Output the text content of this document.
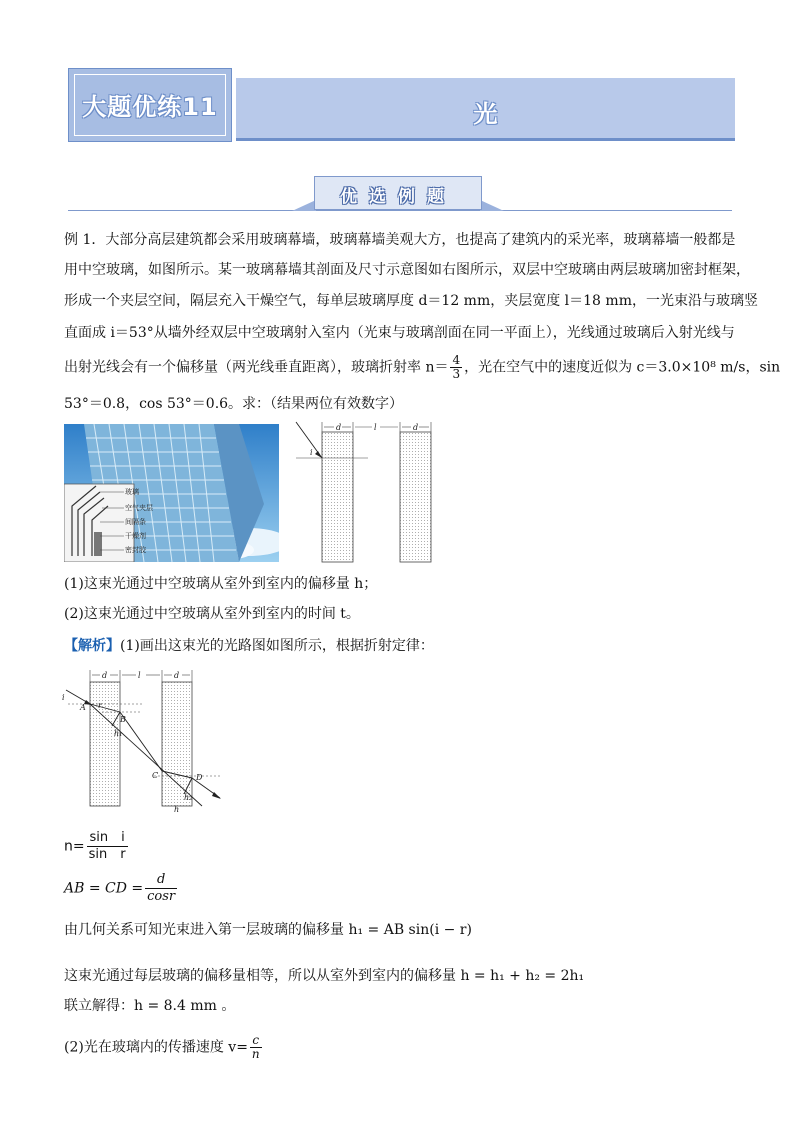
大题优练11	光
优选例题
例 1．大部分高层建筑都会采用玻璃幕墙，玻璃幕墙美观大方，也提高了建筑内的采光率，玻璃幕墙一般都是
用中空玻璃，如图所示。某一玻璃幕墙其剖面及尺寸示意图如右图所示，双层中空玻璃由两层玻璃加密封框架，
形成一个夹层空间，隔层充入干燥空气，每单层玻璃厚度 d＝12 mm，夹层宽度 l＝18 mm，一光束沿与玻璃竖
直面成 i＝53°从墙外经双层中空玻璃射入室内（光束与玻璃剖面在同一平面上），光线通过玻璃后入射光线与
出射光线会有一个偏移量（两光线垂直距离），玻璃折射率 $n= \frac{4}{3}$ ，光在空气中的速度近似为 c＝3.0×10⁸ m/s，sin
53°＝0.8，cos 53°＝0.6。求：（结果两位有效数字）
玻璃
空气夹层
间隔条
干燥剂
密封胶
d	l	d
i
(1)这束光通过中空玻璃从室外到室内的偏移量 h；
(2)这束光通过中空玻璃从室外到室内的时间 t。
【解析】(1)画出这束光的光路图如图所示，根据折射定律：
d	l	d
i
A r
B
h₁
C	D
h₂
h
$n= \frac{\text{sin　i}}{\text{sin　r}}$
AB = CD = $\frac{d}{\cos r}$
由几何关系可知光束进入第一层玻璃的偏移量 h₁ = AB sin(i − r)
这束光通过每层玻璃的偏移量相等，所以从室外到室内的偏移量 h = h₁ + h₂ = 2h₁
联立解得：h = 8.4 mm 。
(2)光在玻璃内的传播速度 $v= \frac{c}{n}$
